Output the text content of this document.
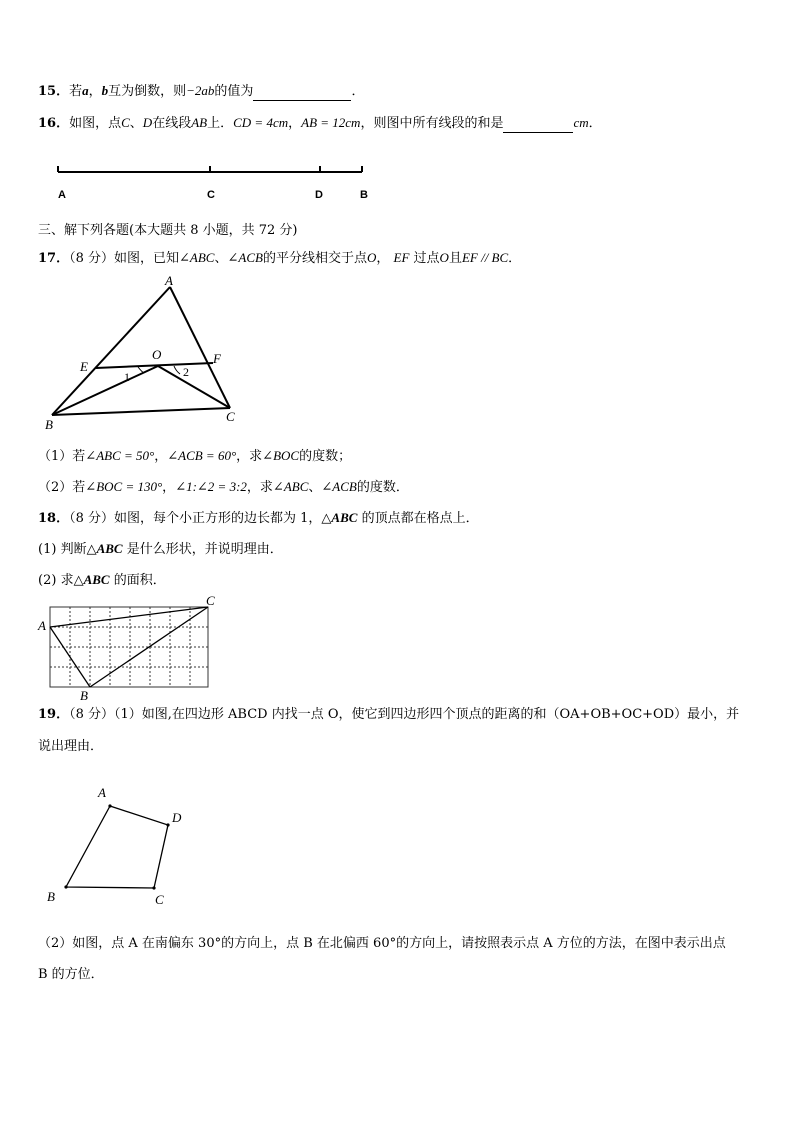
15．若a，b互为倒数，则−2ab的值为	．
16．如图，点C、D在线段AB上．CD = 4cm，AB = 12cm，则图中所有线段的和是	cm．
A	C	D	B
三、解下列各题(本大题共 8 小题，共 72 分)
17．（8 分）如图，已知∠ABC、∠ACB的平分线相交于点O， EF 过点O且EF // BC．
A
E
O	F
B
C
1	2
（1）若∠ABC = 50°，∠ACB = 60°，求∠BOC的度数；
（2）若∠BOC = 130°，∠1:∠2 = 3:2，求∠ABC、∠ACB的度数．
18．（8 分）如图，每个小正方形的边长都为 1，△ABC 的顶点都在格点上．
(1) 判断△ABC 是什么形状，并说明理由．
(2) 求△ABC 的面积．
A
B
C
19．（8 分）（1）如图,在四边形 ABCD 内找一点 O，使它到四边形四个顶点的距离的和（OA+OB+OC+OD）最小，并
说出理由．
A
D
C
B
（2）如图，点 A 在南偏东 30°的方向上，点 B 在北偏西 60°的方向上，请按照表示点 A 方位的方法，在图中表示出点
B 的方位．
